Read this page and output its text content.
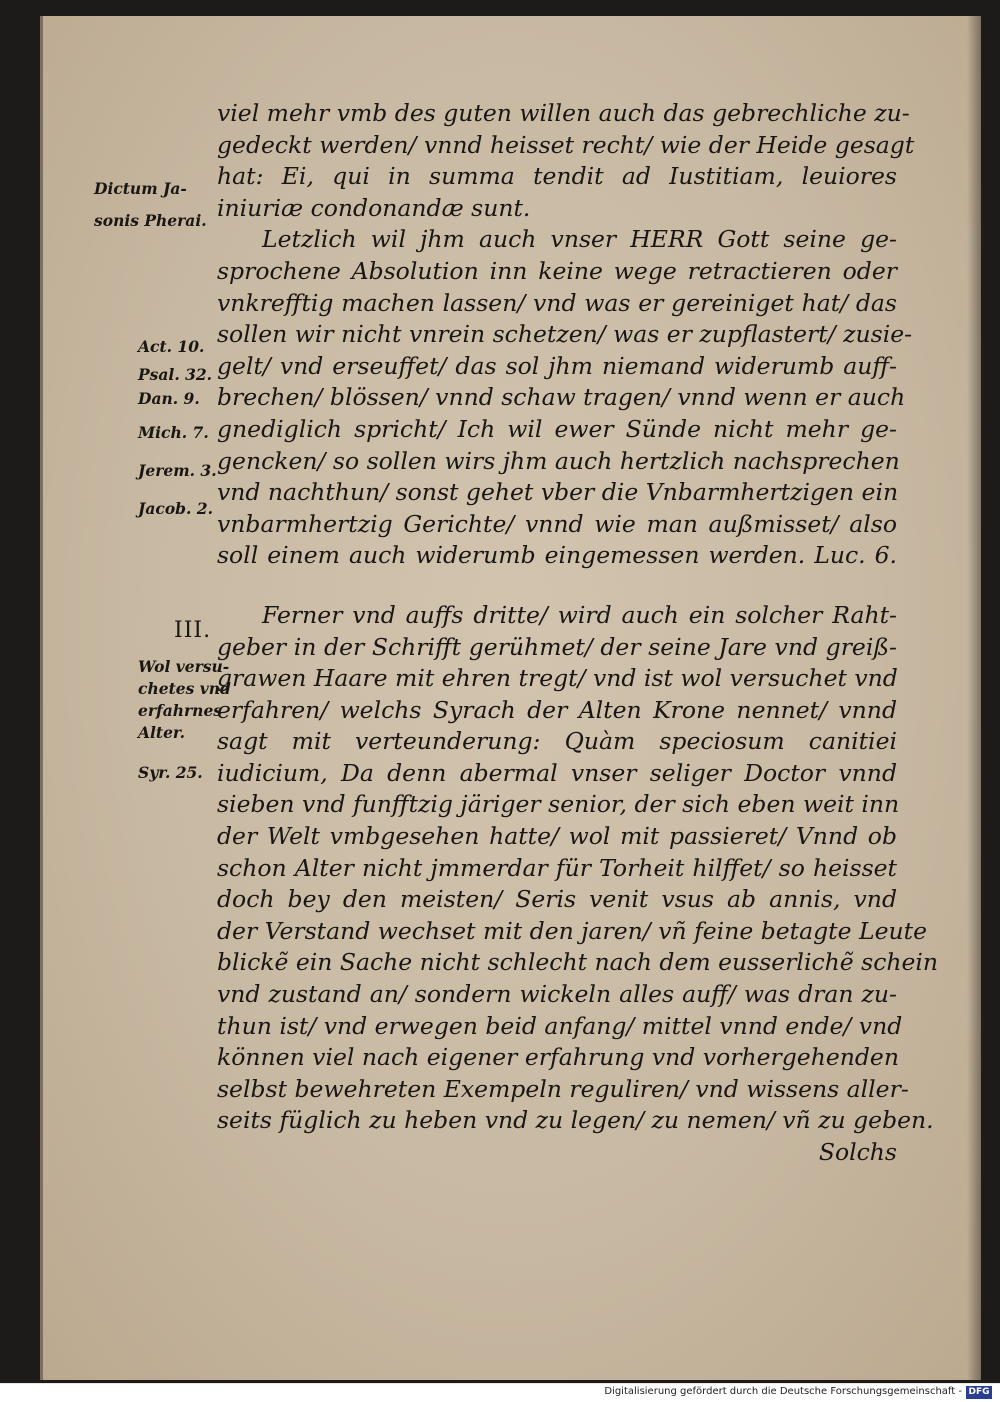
viel mehr vmb des guten willen auch das gebrechliche zu-
gedeckt werden/ vnnd heisset recht/ wie der Heide gesagt
hat: Ei, qui in summa tendit ad Iustitiam, leuiores
iniuriæ condonandæ sunt.
Letzlich wil jhm auch vnser HERR Gott seine ge-
sprochene Absolution inn keine wege retractieren oder
vnkrefftig machen lassen/ vnd was er gereiniget hat/ das
sollen wir nicht vnrein schetzen/ was er zupflastert/ zusie-
gelt/ vnd erseuffet/ das sol jhm niemand widerumb auff-
brechen/ blössen/ vnnd schaw tragen/ vnnd wenn er auch
gnediglich spricht/ Ich wil ewer Sünde nicht mehr ge-
gencken/ so sollen wirs jhm auch hertzlich nachsprechen
vnd nachthun/ sonst gehet vber die Vnbarmhertzigen ein
vnbarmhertzig Gerichte/ vnnd wie man außmisset/ also
soll einem auch widerumb eingemessen werden. Luc. 6.
Ferner vnd auffs dritte/ wird auch ein solcher Raht-
geber in der Schrifft gerühmet/ der seine Jare vnd greiß-
grawen Haare mit ehren tregt/ vnd ist wol versuchet vnd
erfahren/ welchs Syrach der Alten Krone nennet/ vnnd
sagt mit verteunderung: Quàm speciosum canitiei
iudicium, Da denn abermal vnser seliger Doctor vnnd
sieben vnd funfftzig järiger senior, der sich eben weit inn
der Welt vmbgesehen hatte/ wol mit passieret/ Vnnd ob
schon Alter nicht jmmerdar für Torheit hilffet/ so heisset
doch bey den meisten/ Seris venit vsus ab annis, vnd
der Verstand wechset mit den jaren/ vñ feine betagte Leute
blickẽ ein Sache nicht schlecht nach dem eusserlichẽ schein
vnd zustand an/ sondern wickeln alles auff/ was dran zu-
thun ist/ vnd erwegen beid anfang/ mittel vnnd ende/ vnd
können viel nach eigener erfahrung vnd vorhergehenden
selbst bewehreten Exempeln reguliren/ vnd wissens aller-
seits füglich zu heben vnd zu legen/ zu nemen/ vñ zu geben.
Solchs
Dictum Ja-
sonis Pherai.
Act. 10.
Psal. 32.
Dan. 9.
Mich. 7.
Jerem. 3.
Jacob. 2.
III.
Wol versu-
chetes vnd
erfahrnes
Alter.
Syr. 25.
Digitalisierung gefördert durch die Deutsche Forschungsgemeinschaft - DFG
